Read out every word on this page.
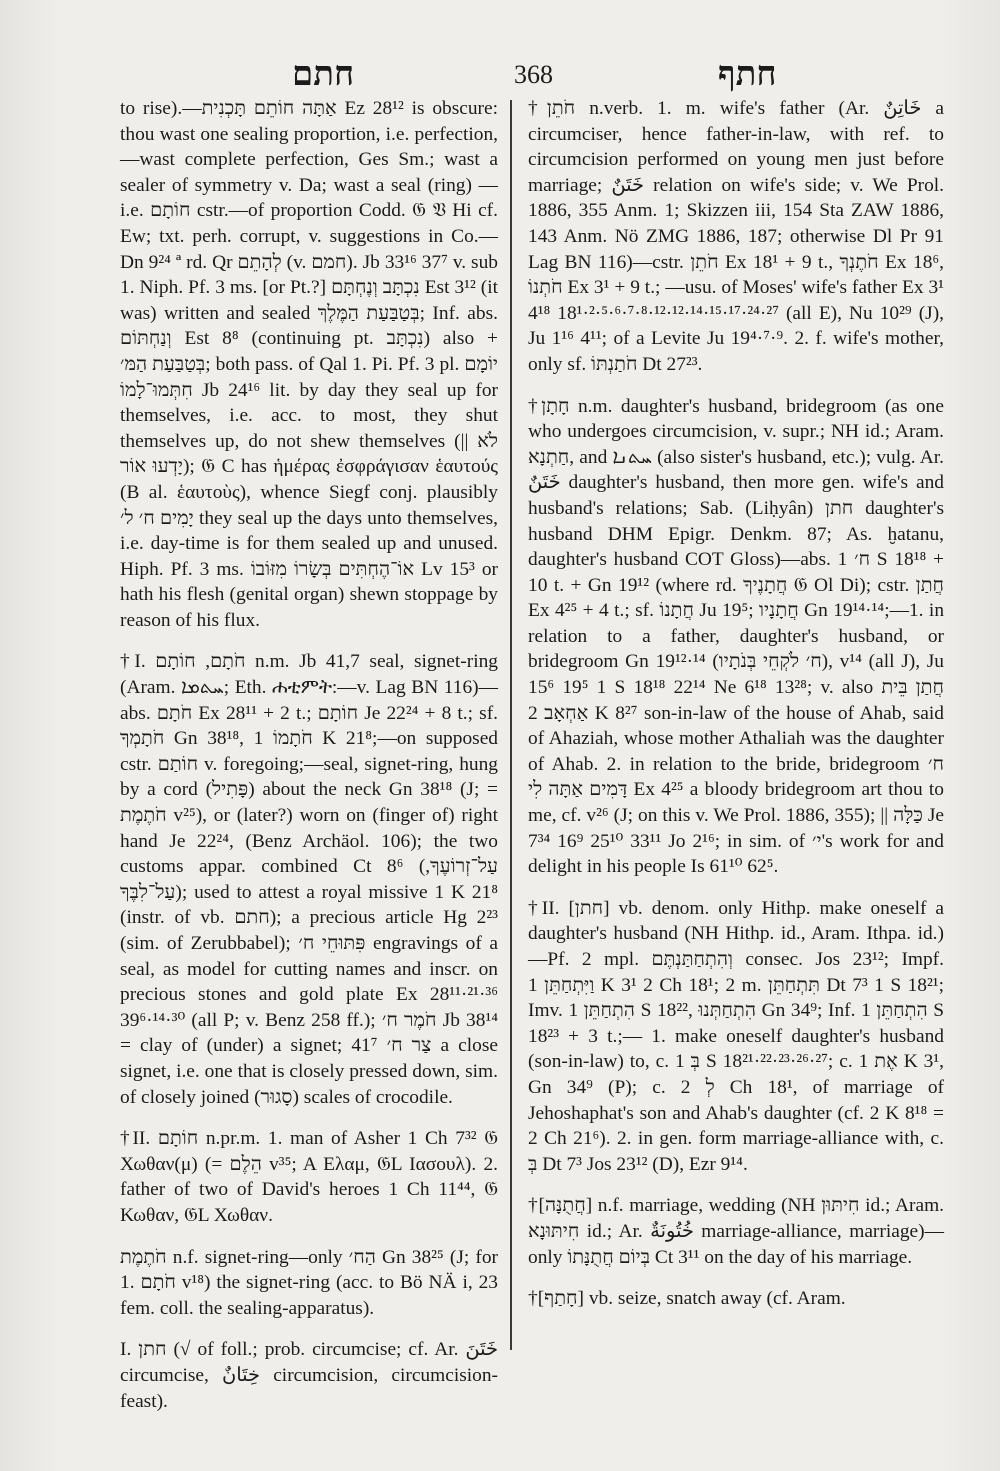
חתם	368	חתף

to rise).—אַתָּה חוֹתֵם תָּכְנִית Ez 28¹² is obscure: thou wast one sealing proportion, i.e. perfection, —wast complete perfection, Ges Sm.; wast a sealer of symmetry v. Da; wast a seal (ring) —i.e. חוֹתָם cstr.—of proportion Codd. 𝔊 𝔙 Hi cf. Ew; txt. perh. corrupt, v. suggestions in Co.—Dn 9²⁴ ª rd. Qr לְהָתֵם (v. חמם). Jb 33¹⁶ 37⁷ v. sub 1. Niph. Pf. 3 ms. [or Pt.?] נִכְתָּב וְנֶחְתָּם Est 3¹² (it was) written and sealed בְּטַבַּעַת הַמֶּלֶךְ; Inf. abs. וְנַחְתּוֹם Est 8⁸ (continuing pt. נִכְתָּב) also + בְּטַבַּעַת הַמּ׳; both pass. of Qal 1. Pi. Pf. 3 pl. יוֹמָם חִתְּמוּ־לָמוֹ Jb 24¹⁶ lit. by day they seal up for themselves, i.e. acc. to most, they shut themselves up, do not shew themselves (|| לֹא יָדְעוּ אוֹר); 𝔊 C has ἡμέρας ἐσφράγισαν ἑαυτούς (B al. ἑαυτοὺς), whence Siegf conj. plausibly יָמִים ח׳ ל׳ they seal up the days unto themselves, i.e. day-time is for them sealed up and unused. Hiph. Pf. 3 ms. אוֹ־הֶחְתִּים בְּשָׂרוֹ מִזּוֹבוֹ Lv 15³ or hath his flesh (genital organ) shewn stoppage by reason of his flux.

†I. חֹתָם, חוֹתָם n.m. Jb 41,7 seal, signet-ring (Aram. ܚܬܡܐ; Eth. ሐቲምት:—v. Lag BN 116)—abs. חֹתָם Ex 28¹¹ + 2 t.; חוֹתָם Je 22²⁴ + 8 t.; sf. חֹתָמְךָ Gn 38¹⁸, חֹתָמוֹ 1 K 21⁸;—on supposed cstr. חוֹתַם v. foregoing;—seal, signet-ring, hung by a cord (פָּתִיל) about the neck Gn 38¹⁸ (J; = חֹתֶמֶת v²⁵), or (later?) worn on (finger of) right hand Je 22²⁴, (Benz Archäol. 106); the two customs appar. combined Ct 8⁶ (עַל־זְרוֹעֶךָ, עַל־לִבֶּךָ); used to attest a royal missive 1 K 21⁸ (instr. of vb. חתם); a precious article Hg 2²³ (sim. of Zerubbabel); פִּתּוּחֵי ח׳ engravings of a seal, as model for cutting names and inscr. on precious stones and gold plate Ex 28¹¹·²¹·³⁶ 39⁶·¹⁴·³⁰ (all P; v. Benz 258 ff.); חֹמֶר ח׳ Jb 38¹⁴ = clay of (under) a signet; צַר ח׳ 41⁷ a close signet, i.e. one that is closely pressed down, sim. of closely joined (סָגוּר) scales of crocodile.

†II. חוֹתָם n.pr.m. 1. man of Asher 1 Ch 7³² 𝔊 Χωθαν(μ) (= הֵלֶם v³⁵; A Ελαμ, 𝔊L Ιασουλ). 2. father of two of David's heroes 1 Ch 11⁴⁴, 𝔊 Κωθαν, 𝔊L Χωθαν.

חֹתֶמֶת n.f. signet-ring—only הַח׳ Gn 38²⁵ (J; for 1. חֹתָם v¹⁸) the signet-ring (acc. to Bö NÄ i, 23 fem. coll. the sealing-apparatus).

I. חתן (√ of foll.; prob. circumcise; cf. Ar. خَتَنَ circumcise, خِتَانٌ circumcision, circumcision-feast).

†חֹתֵן n.verb. 1. m. wife's father (Ar. خَاتِنٌ a circumciser, hence father-in-law, with ref. to circumcision performed on young men just before marriage; خَتَنٌ relation on wife's side; v. We Prol. 1886, 355 Anm. 1; Skizzen iii, 154 Sta ZAW 1886, 143 Anm. Nö ZMG 1886, 187; otherwise Dl Pr 91 Lag BN 116)—cstr. חֹתֵן Ex 18¹ + 9 t., חֹתֶנְךָ Ex 18⁶, חֹתְנוֹ Ex 3¹ + 9 t.; —usu. of Moses' wife's father Ex 3¹ 4¹⁸ 18¹·²·⁵·⁶·⁷·⁸·¹²·¹²·¹⁴·¹⁵·¹⁷·²⁴·²⁷ (all E), Nu 10²⁹ (J), Ju 1¹⁶ 4¹¹; of a Levite Ju 19⁴·⁷·⁹. 2. f. wife's mother, only sf. חֹתַנְתּוֹ Dt 27²³.

†חָתָן n.m. daughter's husband, bridegroom (as one who undergoes circumcision, v. supr.; NH id.; Aram. חַתְנָא, and ܚܬܢܐ (also sister's husband, etc.); vulg. Ar. خَتَنٌ daughter's husband, then more gen. wife's and husband's relations; Sab. (Liḥyân) חתן daughter's husband DHM Epigr. Denkm. 87; As. ḫatanu, daughter's husband COT Gloss)—abs. ח׳ 1 S 18¹⁸ + 10 t. + Gn 19¹² (where rd. חֲתָנֶיךָ 𝔊 Ol Di); cstr. חֲתַן Ex 4²⁵ + 4 t.; sf. חֲתָנוֹ Ju 19⁵; חֲתָנָיו Gn 19¹⁴·¹⁴;—1. in relation to a father, daughter's husband, or bridegroom Gn 19¹²·¹⁴ (ח׳ לֹקְחֵי בְּנֹתָיו), v¹⁴ (all J), Ju 15⁶ 19⁵ 1 S 18¹⁸ 22¹⁴ Ne 6¹⁸ 13²⁸; v. also חֲתַן בֵּית אַחְאָב 2 K 8²⁷ son-in-law of the house of Ahab, said of Ahaziah, whose mother Athaliah was the daughter of Ahab. 2. in relation to the bride, bridegroom ח׳ דָּמִים אַתָּה לִי Ex 4²⁵ a bloody bridegroom art thou to me, cf. v²⁶ (J; on this v. We Prol. 1886, 355); || כַּלָּה Je 7³⁴ 16⁹ 25¹⁰ 33¹¹ Jo 2¹⁶; in sim. of י׳'s work for and delight in his people Is 61¹⁰ 62⁵.

†II. [חתן] vb. denom. only Hithp. make oneself a daughter's husband (NH Hithp. id., Aram. Ithpa. id.)—Pf. 2 mpl. וְהִתְחַתַּנְתֶּם consec. Jos 23¹²; Impf. וַיִּתְחַתֵּן 1 K 3¹ 2 Ch 18¹; 2 m. תִּתְחַתֵּן Dt 7³ 1 S 18²¹; Imv. הִתְחַתֵּן 1 S 18²², הִתְחַתְּנוּ Gn 34⁹; Inf. הִתְחַתֵּן 1 S 18²³ + 3 t.;— 1. make oneself daughter's husband (son-in-law) to, c. בְּ 1 S 18²¹·²²·²³·²⁶·²⁷; c. אֶת 1 K 3¹, Gn 34⁹ (P); c. לְ 2 Ch 18¹, of marriage of Jehoshaphat's son and Ahab's daughter (cf. 2 K 8¹⁸ = 2 Ch 21⁶). 2. in gen. form marriage-alliance with, c. בְּ Dt 7³ Jos 23¹² (D), Ezr 9¹⁴.

†[חֲתֻנָּה] n.f. marriage, wedding (NH חִיתּוּן id.; Aram. חִיתּוּנָא id.; Ar. خُتُونَةٌ marriage-alliance, marriage)—only בְּיוֹם חֲתֻנָּתוֹ Ct 3¹¹ on the day of his marriage.

†[חָתַף] vb. seize, snatch away (cf. Aram.
